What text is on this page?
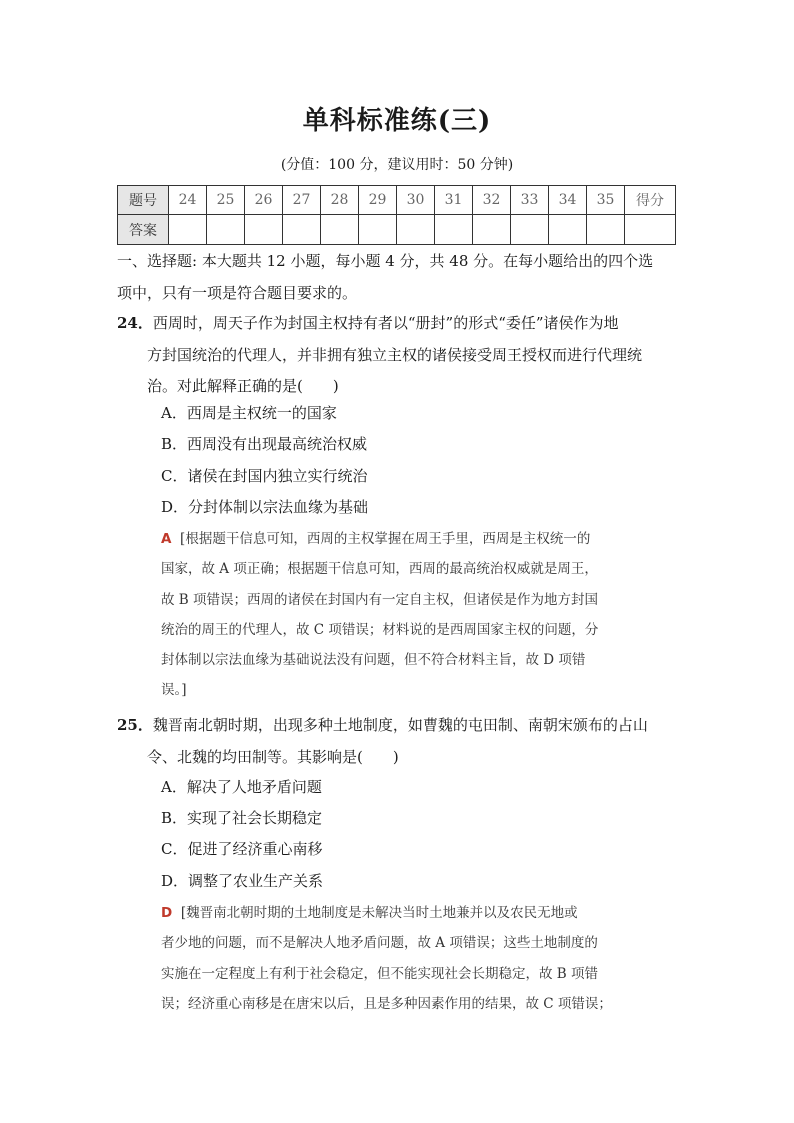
单科标准练(三)
(分值：100 分，建议用时：50 分钟)
题号	24	25	26	27	28	29	30	31	32	33	34	35	得分
答案													
一、选择题: 本大题共 12 小题，每小题 4 分，共 48 分。在每小题给出的四个选
项中，只有一项是符合题目要求的。
24．西周时，周天子作为封国主权持有者以“册封”的形式“委任”诸侯作为地
方封国统治的代理人，并非拥有独立主权的诸侯接受周王授权而进行代理统
治。对此解释正确的是(　　)
A．西周是主权统一的国家
B．西周没有出现最高统治权威
C．诸侯在封国内独立实行统治
D．分封体制以宗法血缘为基础
A [根据题干信息可知，西周的主权掌握在周王手里，西周是主权统一的
国家，故 A 项正确；根据题干信息可知，西周的最高统治权威就是周王，
故 B 项错误；西周的诸侯在封国内有一定自主权，但诸侯是作为地方封国
统治的周王的代理人，故 C 项错误；材料说的是西周国家主权的问题，分
封体制以宗法血缘为基础说法没有问题，但不符合材料主旨，故 D 项错
误。]
25．魏晋南北朝时期，出现多种土地制度，如曹魏的屯田制、南朝宋颁布的占山
令、北魏的均田制等。其影响是(　　)
A．解决了人地矛盾问题
B．实现了社会长期稳定
C．促进了经济重心南移
D．调整了农业生产关系
D [魏晋南北朝时期的土地制度是未解决当时土地兼并以及农民无地或
者少地的问题，而不是解决人地矛盾问题，故 A 项错误；这些土地制度的
实施在一定程度上有利于社会稳定，但不能实现社会长期稳定，故 B 项错
误；经济重心南移是在唐宋以后，且是多种因素作用的结果，故 C 项错误；
